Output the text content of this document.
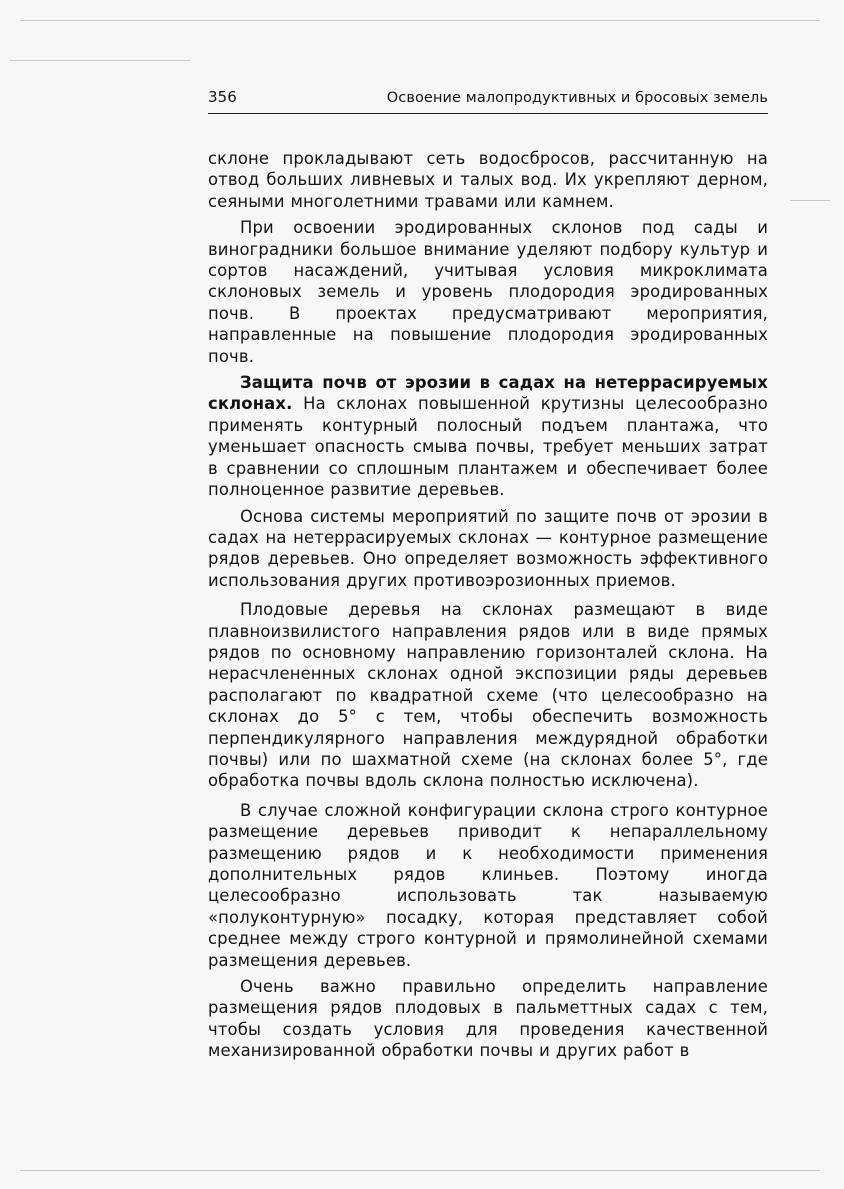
356	Освоение малопродуктивных и бросовых земель

склоне прокладывают сеть водосбросов, рассчитанную на отвод больших ливневых и талых вод. Их укрепляют дерном, сеяными многолетними травами или камнем.

При освоении эродированных склонов под сады и виноградники большое внимание уделяют подбору культур и сортов насаждений, учитывая условия микроклимата склоновых земель и уровень плодородия эродированных почв. В проектах предусматривают мероприятия, направленные на повышение плодородия эродированных почв.

Защита почв от эрозии в садах на нетеррасируемых склонах. На склонах повышенной крутизны целесообразно применять контурный полосный подъем плантажа, что уменьшает опасность смыва почвы, требует меньших затрат в сравнении со сплошным плантажем и обеспечивает более полноценное развитие деревьев.

Основа системы мероприятий по защите почв от эрозии в садах на нетеррасируемых склонах — контурное размещение рядов деревьев. Оно определяет возможность эффективного использования других противоэрозионных приемов.

Плодовые деревья на склонах размещают в виде плавноизвилистого направления рядов или в виде прямых рядов по основному направлению горизонталей склона. На нерасчлененных склонах одной экспозиции ряды деревьев располагают по квадратной схеме (что целесообразно на склонах до 5° с тем, чтобы обеспечить возможность перпендикулярного направления междурядной обработки почвы) или по шахматной схеме (на склонах более 5°, где обработка почвы вдоль склона полностью исключена).

В случае сложной конфигурации склона строго контурное размещение деревьев приводит к непараллельному размещению рядов и к необходимости применения дополнительных рядов клиньев. Поэтому иногда целесообразно использовать так называемую «полуконтурную» посадку, которая представляет собой среднее между строго контурной и прямолинейной схемами размещения деревьев.

Очень важно правильно определить направление размещения рядов плодовых в пальметтных садах с тем, чтобы создать условия для проведения качественной механизированной обработки почвы и других работ в
